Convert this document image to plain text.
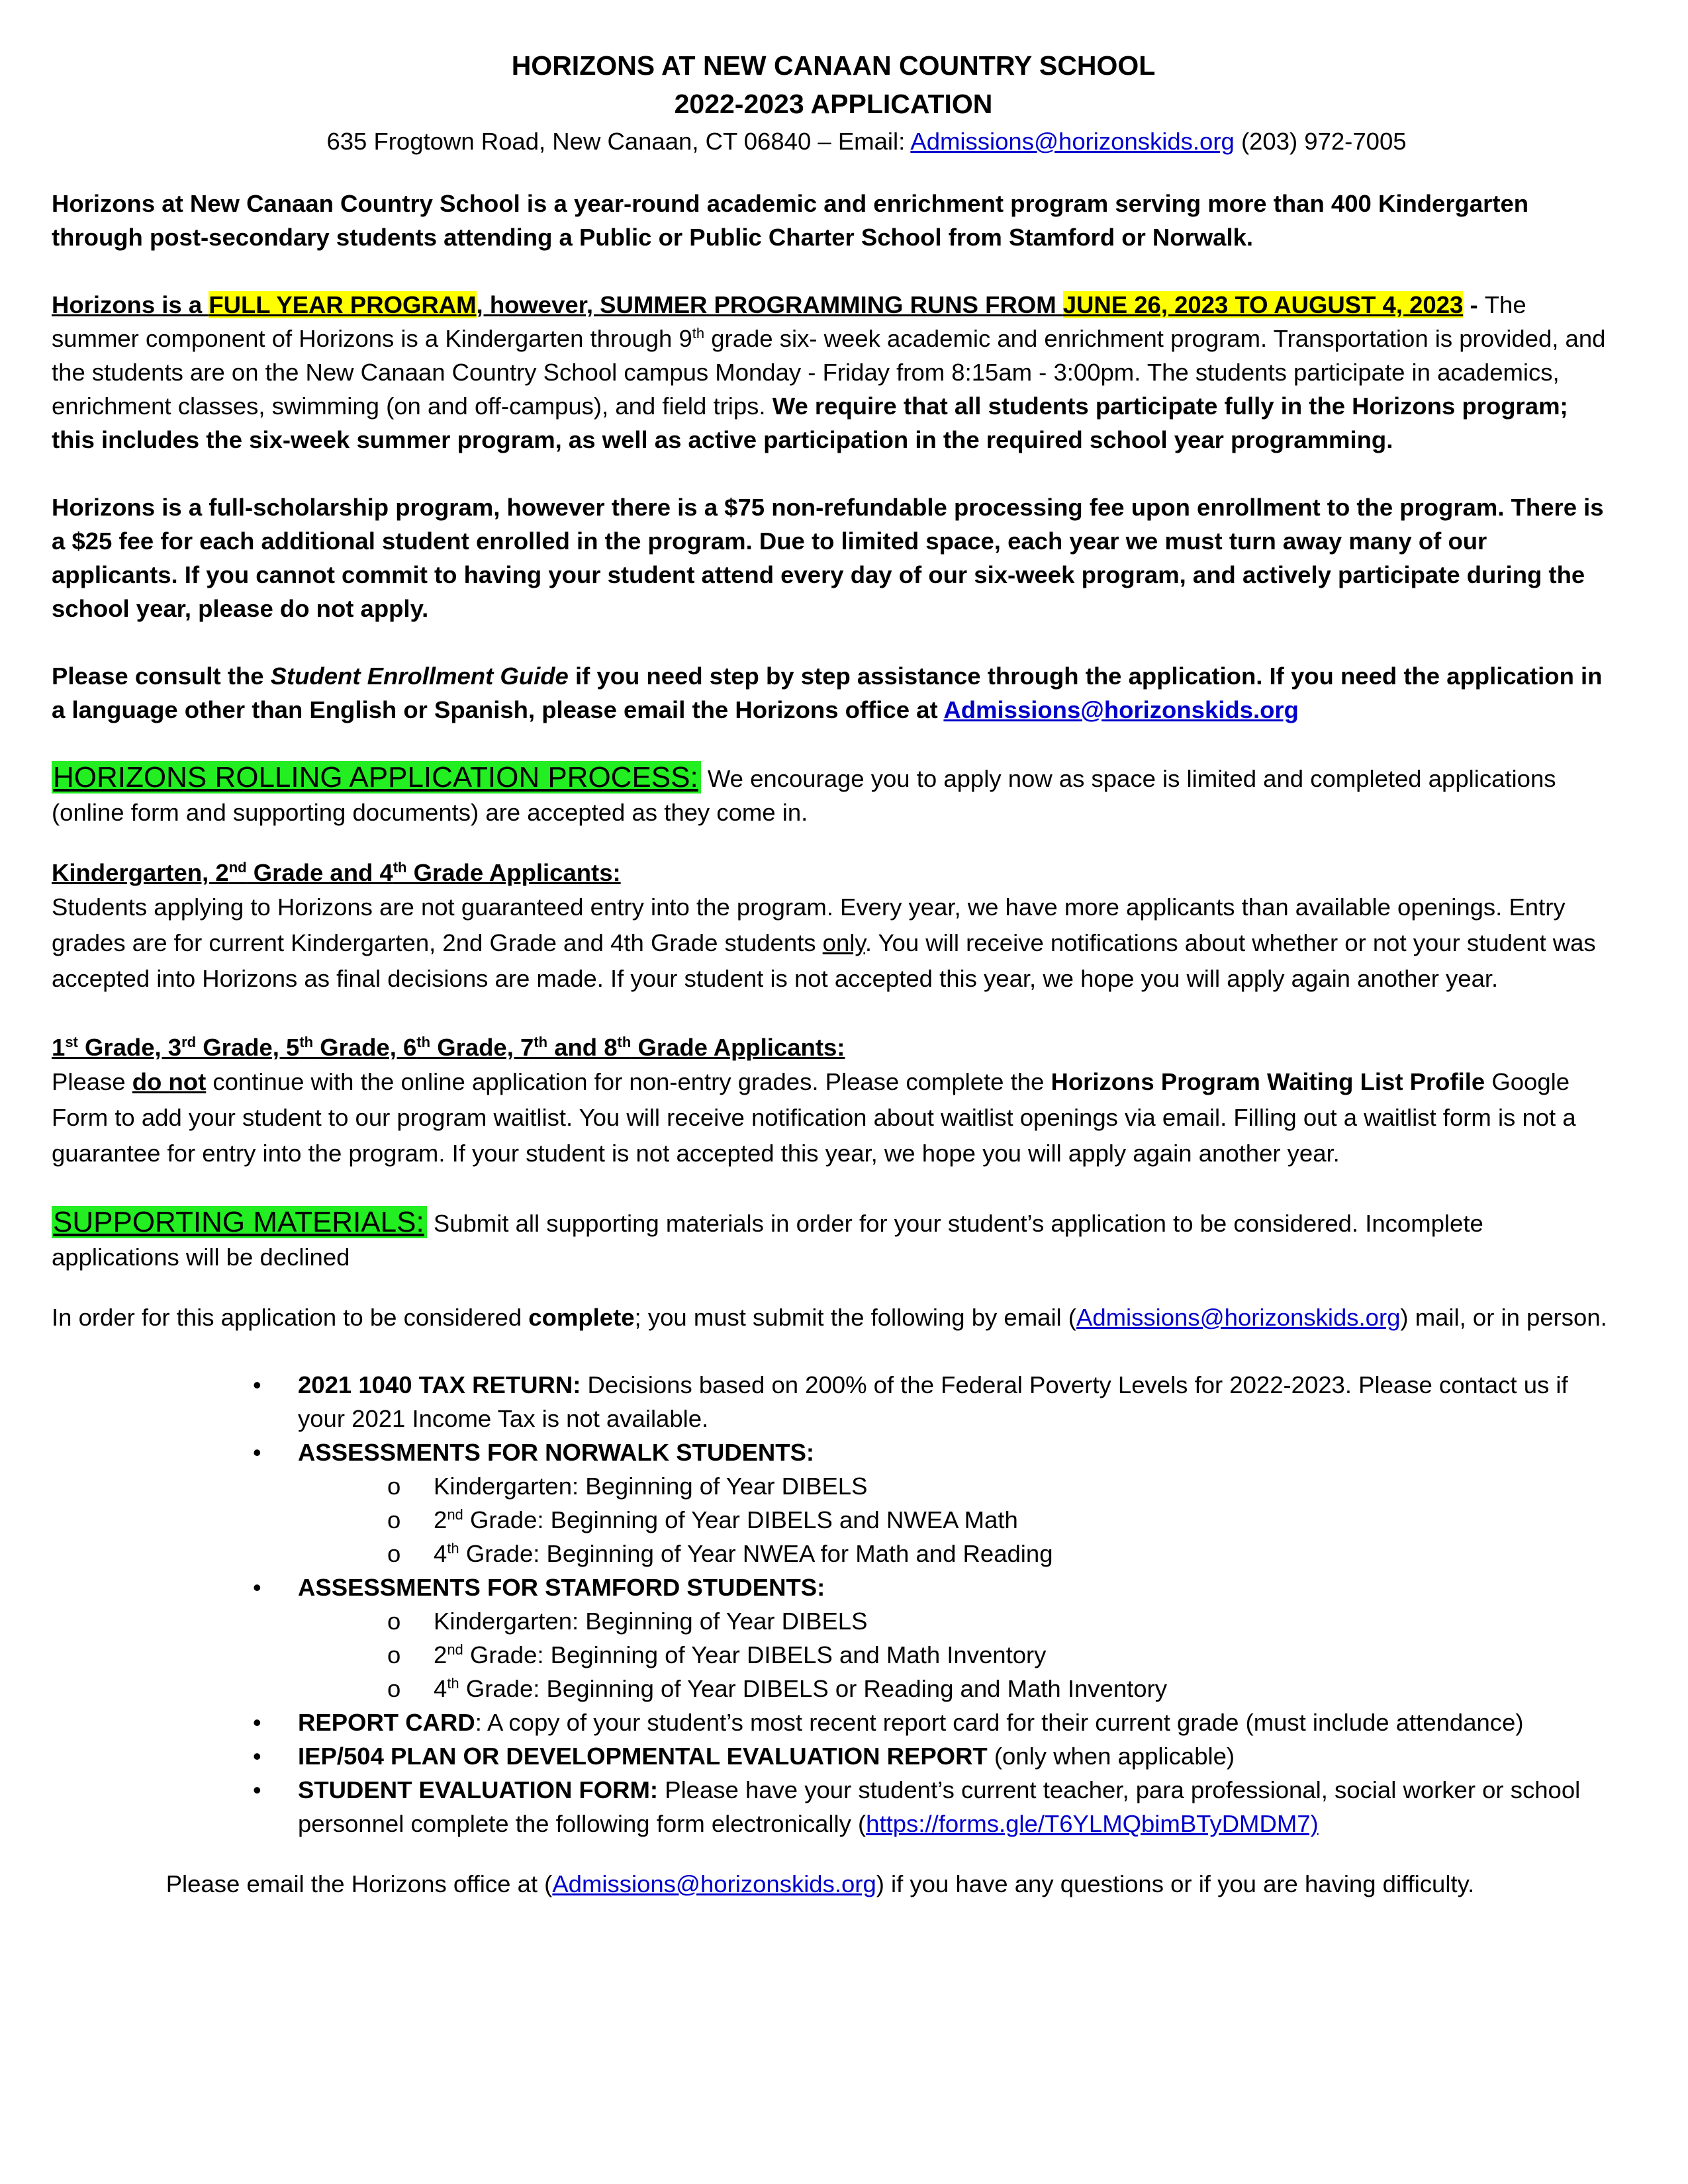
HORIZONS AT NEW CANAAN COUNTRY SCHOOL
2022-2023 APPLICATION
635 Frogtown Road, New Canaan, CT 06840 – Email: Admissions@horizonskids.org (203) 972-7005

Horizons at New Canaan Country School is a year-round academic and enrichment program serving more than 400 Kindergarten through post-secondary students attending a Public or Public Charter School from Stamford or Norwalk.

Horizons is a FULL YEAR PROGRAM, however, SUMMER PROGRAMMING RUNS FROM JUNE 26, 2023 TO AUGUST 4, 2023 - The summer component of Horizons is a Kindergarten through 9th grade six- week academic and enrichment program. Transportation is provided, and the students are on the New Canaan Country School campus Monday - Friday from 8:15am - 3:00pm. The students participate in academics, enrichment classes, swimming (on and off-campus), and field trips. We require that all students participate fully in the Horizons program; this includes the six-week summer program, as well as active participation in the required school year programming.

Horizons is a full-scholarship program, however there is a $75 non-refundable processing fee upon enrollment to the program. There is a $25 fee for each additional student enrolled in the program. Due to limited space, each year we must turn away many of our applicants. If you cannot commit to having your student attend every day of our six-week program, and actively participate during the school year, please do not apply.

Please consult the Student Enrollment Guide if you need step by step assistance through the application. If you need the application in a language other than English or Spanish, please email the Horizons office at Admissions@horizonskids.org

HORIZONS ROLLING APPLICATION PROCESS: We encourage you to apply now as space is limited and completed applications (online form and supporting documents) are accepted as they come in.

Kindergarten, 2nd Grade and 4th Grade Applicants:

Students applying to Horizons are not guaranteed entry into the program. Every year, we have more applicants than available openings. Entry grades are for current Kindergarten, 2nd Grade and 4th Grade students only. You will receive notifications about whether or not your student was accepted into Horizons as final decisions are made. If your student is not accepted this year, we hope you will apply again another year.

1st Grade, 3rd Grade, 5th Grade, 6th Grade, 7th and 8th Grade Applicants:

Please do not continue with the online application for non-entry grades. Please complete the Horizons Program Waiting List Profile Google Form to add your student to our program waitlist. You will receive notification about waitlist openings via email. Filling out a waitlist form is not a guarantee for entry into the program. If your student is not accepted this year, we hope you will apply again another year.

SUPPORTING MATERIALS: Submit all supporting materials in order for your student’s application to be considered. Incomplete applications will be declined

In order for this application to be considered complete; you must submit the following by email (Admissions@horizonskids.org) mail, or in person.

• 2021 1040 TAX RETURN: Decisions based on 200% of the Federal Poverty Levels for 2022-2023. Please contact us if your 2021 Income Tax is not available.
• ASSESSMENTS FOR NORWALK STUDENTS:
o Kindergarten: Beginning of Year DIBELS
o 2nd Grade: Beginning of Year DIBELS and NWEA Math
o 4th Grade: Beginning of Year NWEA for Math and Reading
• ASSESSMENTS FOR STAMFORD STUDENTS:
o Kindergarten: Beginning of Year DIBELS
o 2nd Grade: Beginning of Year DIBELS and Math Inventory
o 4th Grade: Beginning of Year DIBELS or Reading and Math Inventory
• REPORT CARD: A copy of your student’s most recent report card for their current grade (must include attendance)
• IEP/504 PLAN OR DEVELOPMENTAL EVALUATION REPORT (only when applicable)
• STUDENT EVALUATION FORM: Please have your student’s current teacher, para professional, social worker or school personnel complete the following form electronically (https://forms.gle/T6YLMQbimBTyDMDM7)

Please email the Horizons office at (Admissions@horizonskids.org) if you have any questions or if you are having difficulty.
